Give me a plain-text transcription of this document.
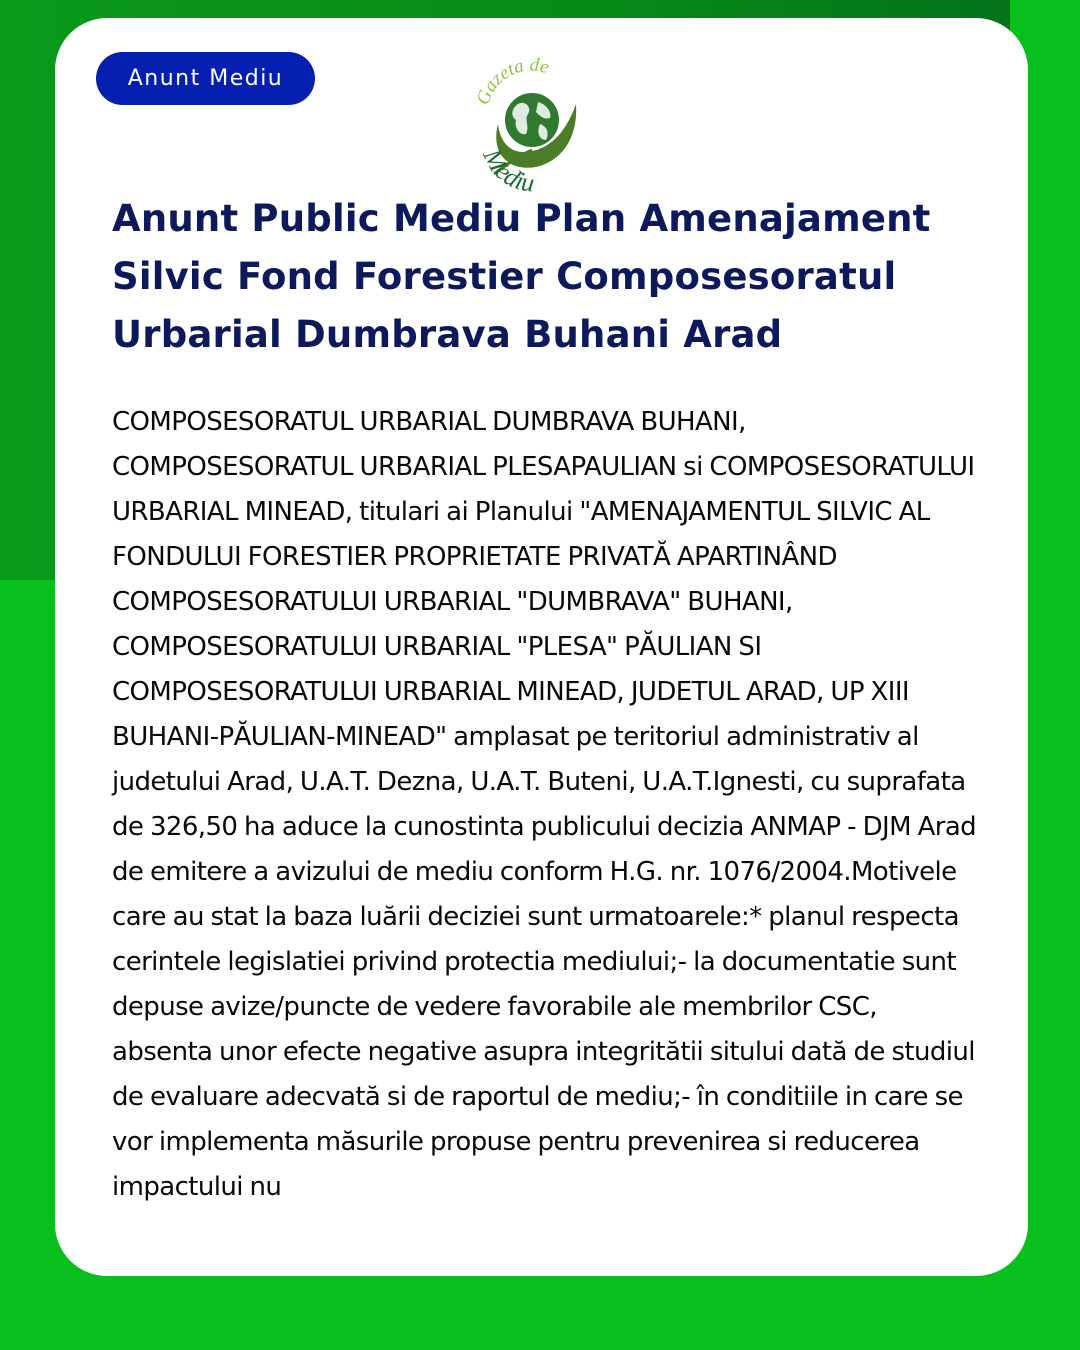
Anunt Mediu
Gazeta de
Mediu
Anunt Public Mediu Plan Amenajament Silvic Fond Forestier Composesoratul Urbarial Dumbrava Buhani Arad

COMPOSESORATUL URBARIAL DUMBRAVA BUHANI, COMPOSESORATUL URBARIAL PLESAPAULIAN si COMPOSESORATULUI URBARIAL MINEAD, titulari ai Planului "AMENAJAMENTUL SILVIC AL FONDULUI FORESTIER PROPRIETATE PRIVATĂ APARTINÂND COMPOSESORATULUI URBARIAL "DUMBRAVA" BUHANI, COMPOSESORATULUI URBARIAL "PLESA" PĂULIAN SI COMPOSESORATULUI URBARIAL MINEAD, JUDETUL ARAD, UP XIII BUHANI-PĂULIAN-MINEAD" amplasat pe teritoriul administrativ al judetului Arad, U.A.T. Dezna, U.A.T. Buteni, U.A.T.Ignesti, cu suprafata de 326,50 ha aduce la cunostinta publicului decizia ANMAP - DJM Arad de emitere a avizului de mediu conform H.G. nr. 1076/2004.Motivele care au stat la baza luării deciziei sunt urmatoarele:* planul respecta cerintele legislatiei privind protectia mediului;- la documentatie sunt depuse avize/puncte de vedere favorabile ale membrilor CSC, absenta unor efecte negative asupra integritătii sitului dată de studiul de evaluare adecvată si de raportul de mediu;- în conditiile in care se vor implementa măsurile propuse pentru prevenirea si reducerea impactului nu
